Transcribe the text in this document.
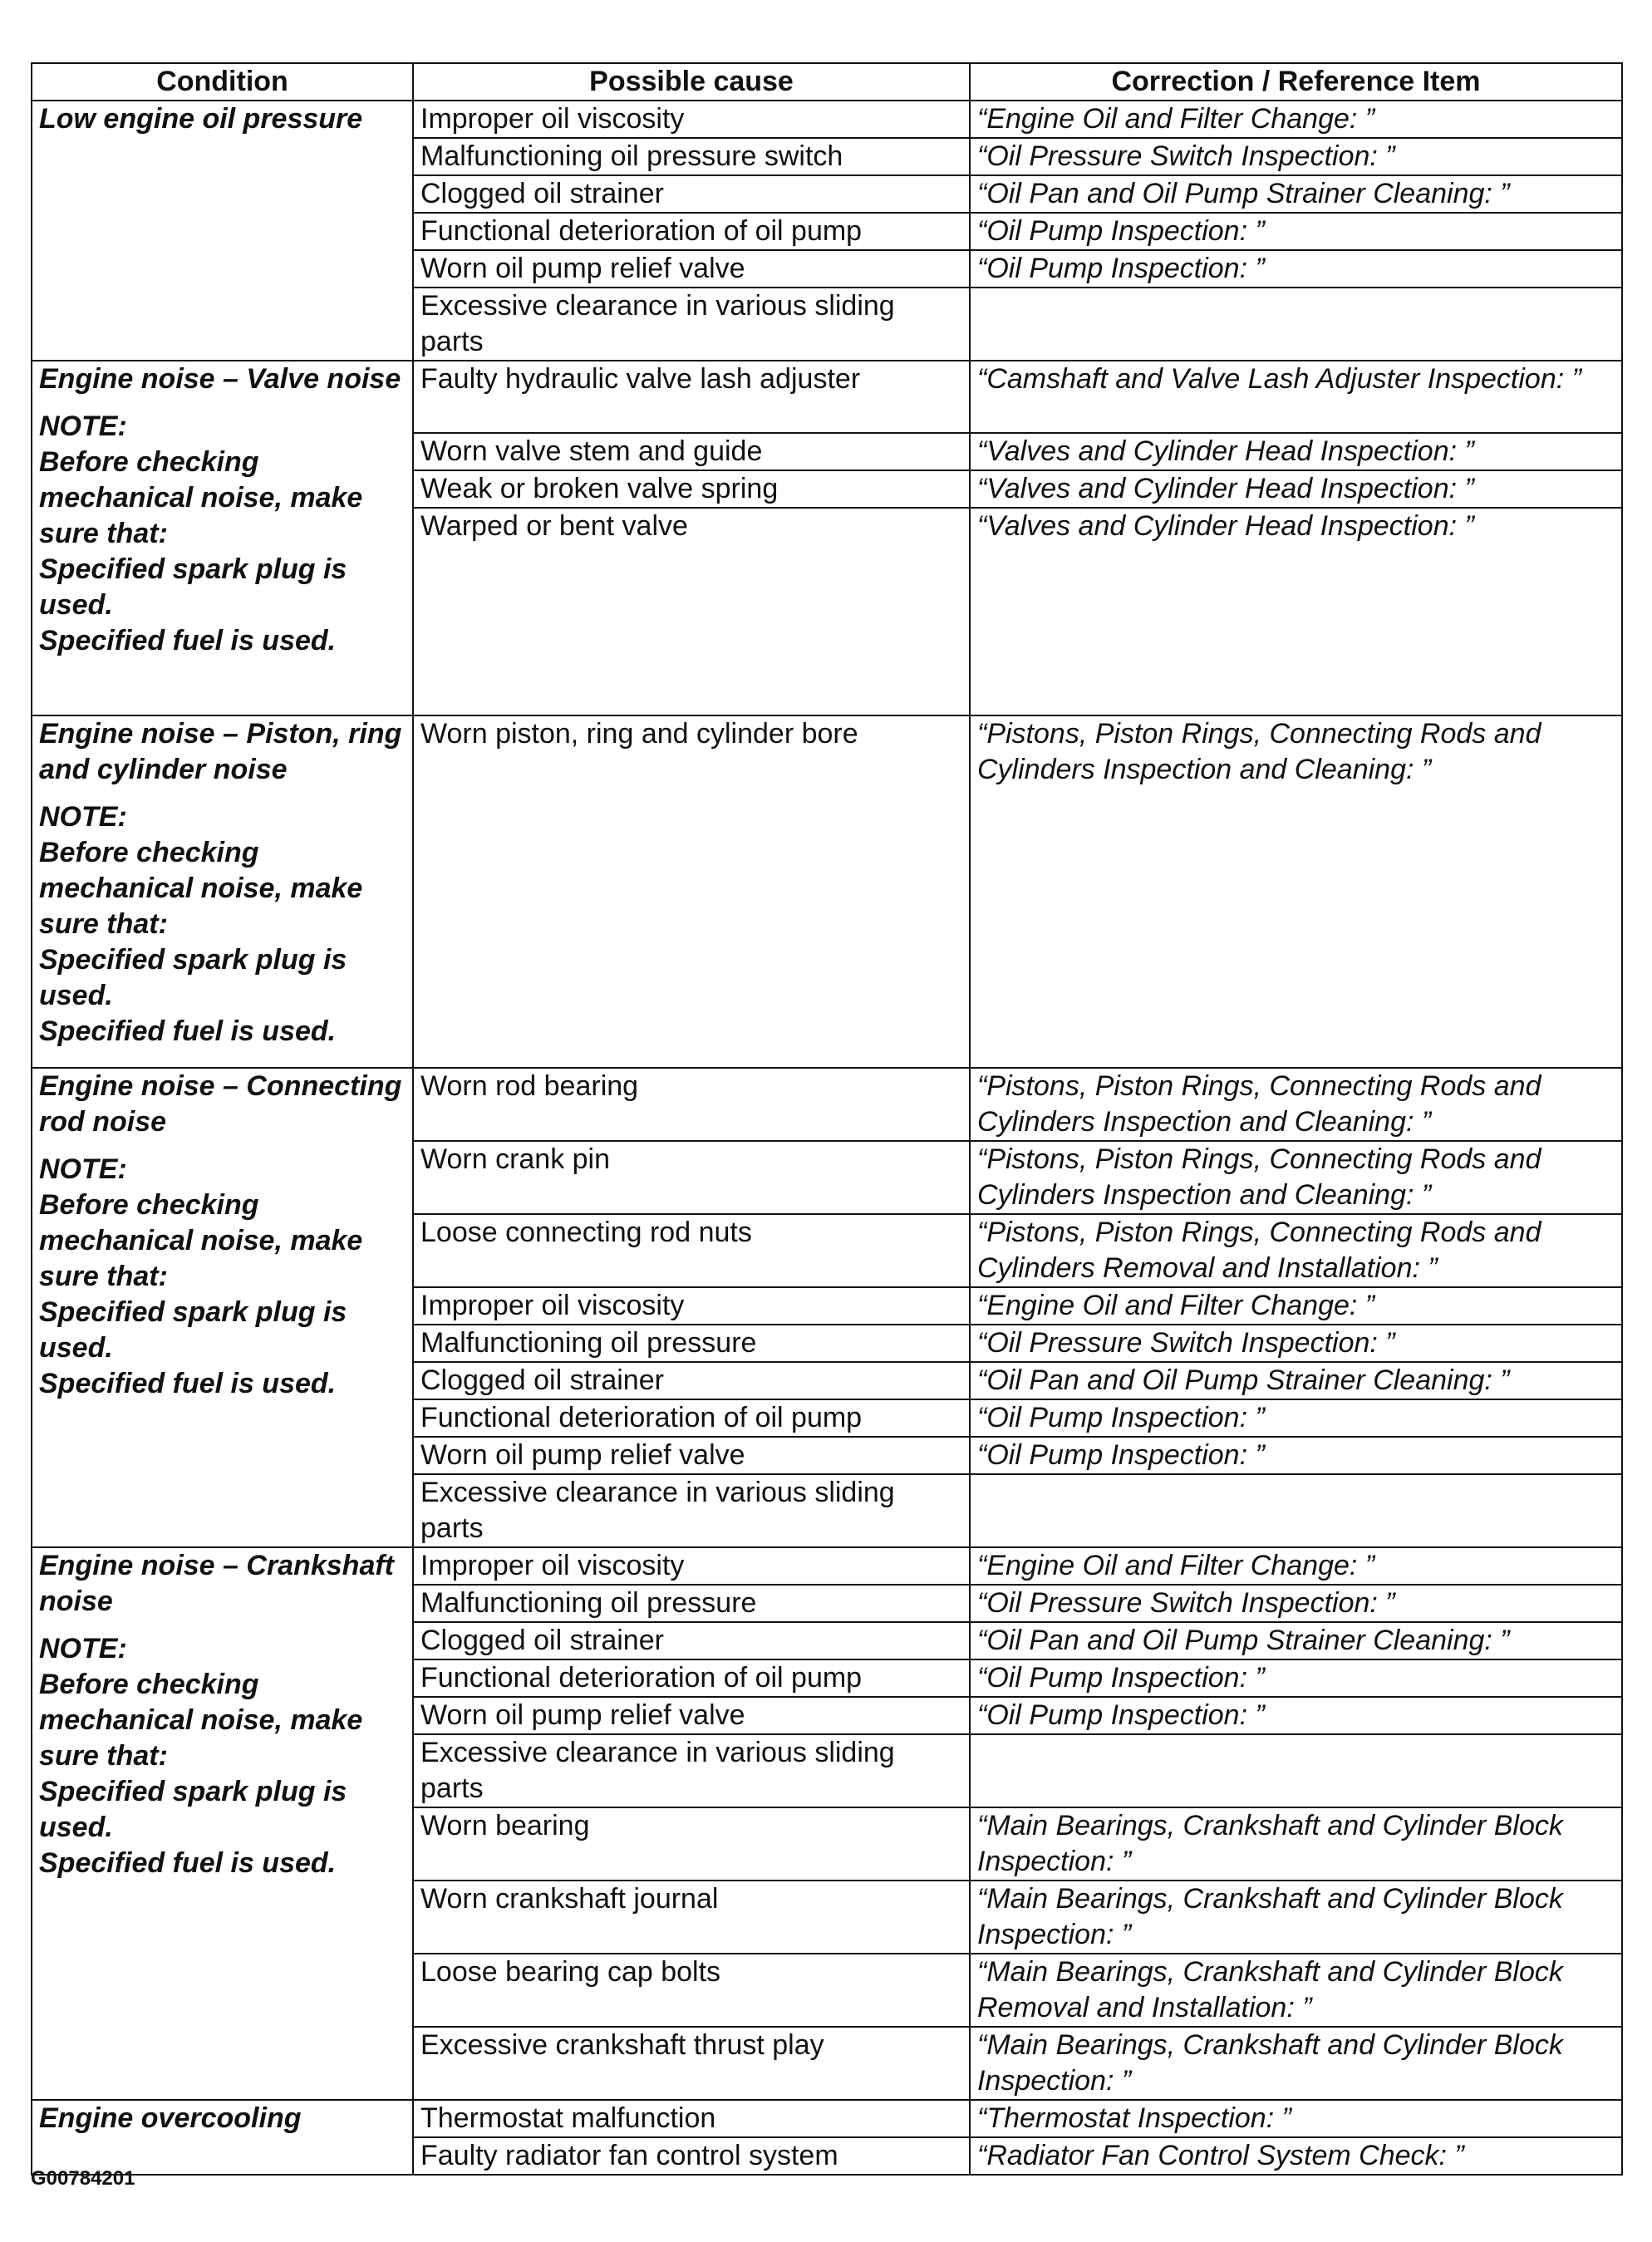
Condition	Possible cause	Correction / Reference Item

Low engine oil pressure	Improper oil viscosity	“Engine Oil and Filter Change: ”
	Malfunctioning oil pressure switch	“Oil Pressure Switch Inspection: ”
	Clogged oil strainer	“Oil Pan and Oil Pump Strainer Cleaning: ”
	Functional deterioration of oil pump	“Oil Pump Inspection: ”
	Worn oil pump relief valve	“Oil Pump Inspection: ”
	Excessive clearance in various sliding parts	

Engine noise – Valve noise
NOTE:
Before checking mechanical noise, make sure that:
Specified spark plug is used.
Specified fuel is used.	Faulty hydraulic valve lash adjuster	“Camshaft and Valve Lash Adjuster Inspection: ”
	Worn valve stem and guide	“Valves and Cylinder Head Inspection: ”
	Weak or broken valve spring	“Valves and Cylinder Head Inspection: ”
	Warped or bent valve	“Valves and Cylinder Head Inspection: ”

Engine noise – Piston, ring and cylinder noise
NOTE:
Before checking mechanical noise, make sure that:
Specified spark plug is used.
Specified fuel is used.	Worn piston, ring and cylinder bore	“Pistons, Piston Rings, Connecting Rods and Cylinders Inspection and Cleaning: ”

Engine noise – Connecting rod noise
NOTE:
Before checking mechanical noise, make sure that:
Specified spark plug is used.
Specified fuel is used.	Worn rod bearing	“Pistons, Piston Rings, Connecting Rods and Cylinders Inspection and Cleaning: ”
	Worn crank pin	“Pistons, Piston Rings, Connecting Rods and Cylinders Inspection and Cleaning: ”
	Loose connecting rod nuts	“Pistons, Piston Rings, Connecting Rods and Cylinders Removal and Installation: ”
	Improper oil viscosity	“Engine Oil and Filter Change: ”
	Malfunctioning oil pressure	“Oil Pressure Switch Inspection: ”
	Clogged oil strainer	“Oil Pan and Oil Pump Strainer Cleaning: ”
	Functional deterioration of oil pump	“Oil Pump Inspection: ”
	Worn oil pump relief valve	“Oil Pump Inspection: ”
	Excessive clearance in various sliding parts	

Engine noise – Crankshaft noise
NOTE:
Before checking mechanical noise, make sure that:
Specified spark plug is used.
Specified fuel is used.	Improper oil viscosity	“Engine Oil and Filter Change: ”
	Malfunctioning oil pressure	“Oil Pressure Switch Inspection: ”
	Clogged oil strainer	“Oil Pan and Oil Pump Strainer Cleaning: ”
	Functional deterioration of oil pump	“Oil Pump Inspection: ”
	Worn oil pump relief valve	“Oil Pump Inspection: ”
	Excessive clearance in various sliding parts	
	Worn bearing	“Main Bearings, Crankshaft and Cylinder Block Inspection: ”
	Worn crankshaft journal	“Main Bearings, Crankshaft and Cylinder Block Inspection: ”
	Loose bearing cap bolts	“Main Bearings, Crankshaft and Cylinder Block Removal and Installation: ”
	Excessive crankshaft thrust play	“Main Bearings, Crankshaft and Cylinder Block Inspection: ”

Engine overcooling	Thermostat malfunction	“Thermostat Inspection: ”
	Faulty radiator fan control system	“Radiator Fan Control System Check: ”
G00784201
